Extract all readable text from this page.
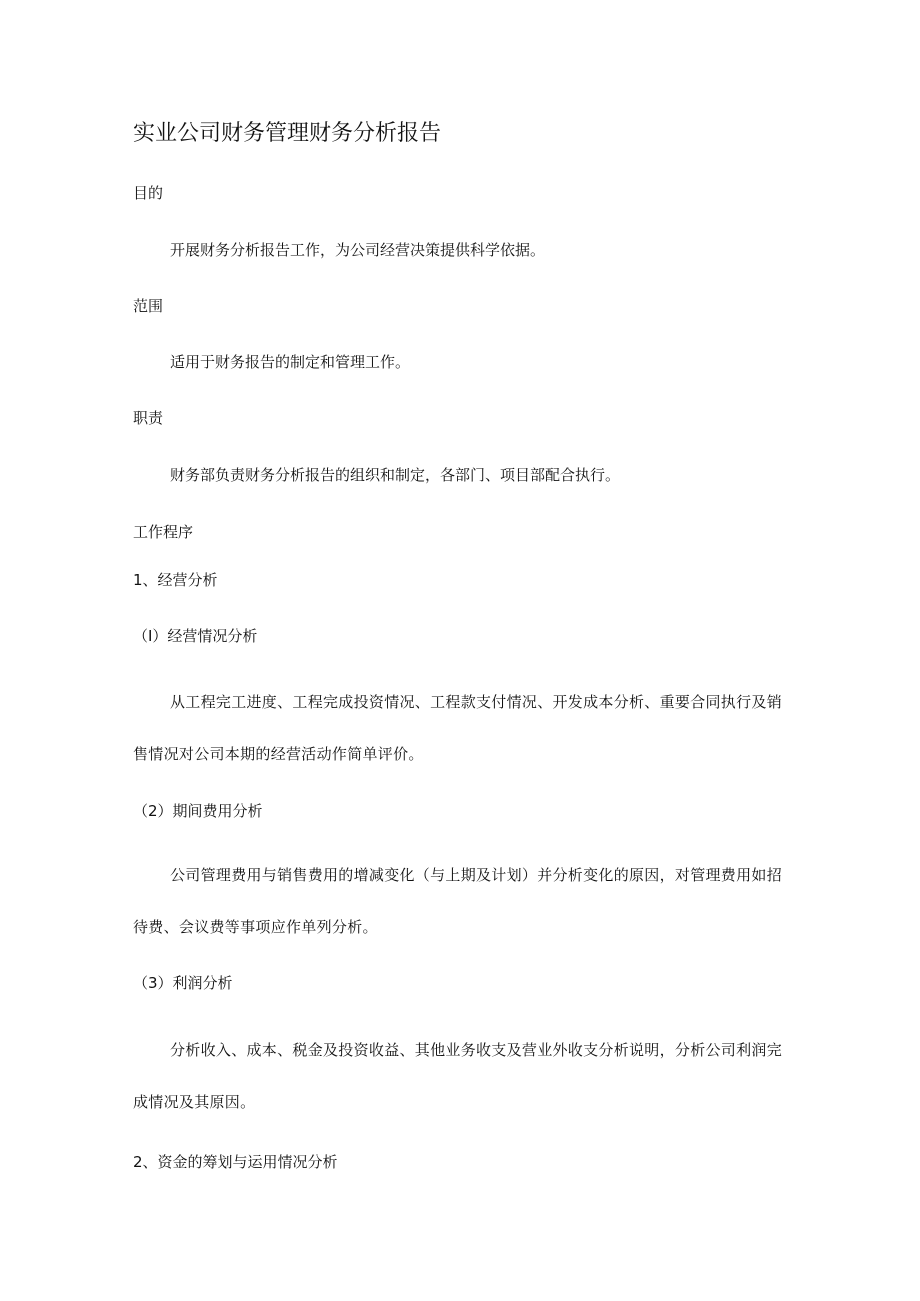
实业公司财务管理财务分析报告
目的
开展财务分析报告工作，为公司经营决策提供科学依据。
范围
适用于财务报告的制定和管理工作。
职责
财务部负责财务分析报告的组织和制定，各部门、项目部配合执行。
工作程序
1、经营分析
（I）经营情况分析
从工程完工进度、工程完成投资情况、工程款支付情况、开发成本分析、重要合同执行及销售情况对公司本期的经营活动作简单评价。
（2）期间费用分析
公司管理费用与销售费用的增减变化（与上期及计划）并分析变化的原因，对管理费用如招待费、会议费等事项应作单列分析。
（3）利润分析
分析收入、成本、税金及投资收益、其他业务收支及营业外收支分析说明，分析公司利润完成情况及其原因。
2、资金的筹划与运用情况分析
